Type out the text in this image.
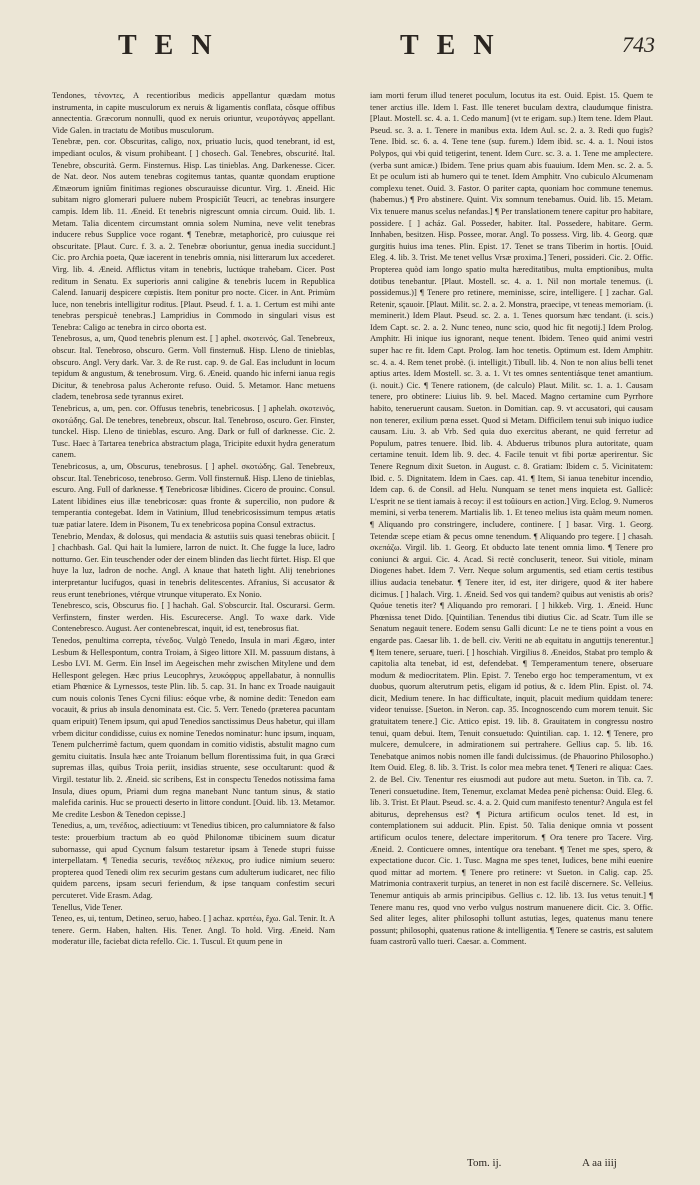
TEN	TEN	743

Tendones, τένοντες, A recentioribus medicis appellantur quædam motus instrumenta, in capite musculorum ex neruis & ligamentis conflata, cõsque offibus annectentia. Græcorum nonnulli, quod ex neruis oriuntur, νευροτάγνας appellant. Vide Galen. in tractatu de Motibus musculorum.

Tenebræ, pen. cor. Obscuritas, caligo, nox, priuatio lucis, quod tenebrant, id est, impediant oculos, & visum prohibeant. [ ] chosech. Gal. Tenebres, obscurité. Ital. Tenebre, obscurità. Germ. Finsternus. Hisp. Las tinieblas. Ang. Darkenesse. Cicer. de Nat. deor. Nos autem tenebras cogitemus tantas, quantæ quondam eruptione Ætnæorum igniũm finitimas regiones obscurauisse dicuntur. Virg. 1. Æneid. Hic subitam nigro glomerari puluere nubem Prospiciũt Teucri, ac tenebras insurgere campis. Idem lib. 11. Æneid. Et tenebris nigrescunt omnia circum. Ouid. lib. 1. Metam. Talia dicentem circumstant omnia solem Numina, neve velit tenebras inducere rebus Supplice voce rogant. ¶ Tenebræ, metaphoricè, pro cuiusque rei obscuritate. [Plaut. Curc. f. 3. a. 2. Tenebræ oboriuntur, genua inedia succidunt.] Cic. pro Archia poeta, Quæ iacerent in tenebris omnia, nisi litterarum lux accederet. Virg. lib. 4. Æneid. Afflictus vitam in tenebris, luctúque trahebam. Cicer. Post reditum in Senatu. Ex superioris anni caligine & tenebris lucem in Republica Calend. Ianuarij despicere cœpistis. Item ponitur pro nocte. Cicer. in Ant. Primùm luce, non tenebris intelligitur roditus. [Plaut. Pseud. f. 1. a. 1. Certum est mihi ante tenebras perspicuè tenebras.] Lampridius in Commodo in singulari visus est Tenebra: Caligo ac tenebra in circo oborta est.

Tenebrosus, a, um, Quod tenebris plenum est. [ ] aphel. σκοτεινός. Gal. Tenebreux, obscur. Ital. Tenebroso, obscuro. Germ. Voll finsternuß. Hisp. Lleno de tinieblas, obscuro. Angl. Very dark. Var. 3. de Re rust. cap. 9. de Gal. Eas includunt in locum tepidum & angustum, & tenebrosum. Virg. 6. Æneid. quando hic inferni ianua regis Dicitur, & tenebrosa palus Acheronte refuso. Ouid. 5. Metamor. Hanc metuens cladem, tenebrosa sede tyrannus exiret.

Tenebricus, a, um, pen. cor. Offusus tenebris, tenebricosus. [ ] aphelah. σκοτεινός, σκοτώδης. Gal. De tenebres, tenebreux, obscur. Ital. Tenebroso, oscuro. Ger. Finster, tunckel. Hisp. Lleno de tinieblas, escuro. Ang. Dark or full of darknesse. Cic. 2. Tusc. Haec à Tartarea tenebrica abstractum plaga, Tricipite eduxit hydra generatum canem.

Tenebricosus, a, um, Obscurus, tenebrosus. [ ] aphel. σκοτώδης. Gal. Tenebreux, obscur. Ital. Tenebricoso, tenebroso. Germ. Voll finsternuß. Hisp. Lleno de tinieblas, escuro. Ang. Full of darknesse. ¶ Tenebricosæ libidines. Cicero de prouinc. Consul. Latent libidines eius illæ tenebricosæ: quas fronte & supercilio, non pudore & temperantia contegebat. Idem in Vatinium, Illud tenebricosissimum tempus ætatis tuæ patiar latere. Idem in Pisonem, Tu ex tenebricosa popina Consul extractus.

Tenebrio, Mendax, & dolosus, qui mendacia & astutiis suis quasi tenebras obiicit. [ ] chachbash. Gal. Qui hait la lumiere, larron de nuict. It. Che fugge la luce, ladro notturno. Ger. Ein teuschender oder der einem blinden das liecht fürtet. Hisp. El que huye la luz, ladron de noche. Angl. A knaue that hateth light. Alij tenebriones interpretantur lucifugos, quasi in tenebris delitescentes. Afranius, Si accusator & reus erunt tenebriones, vtérque vtrunque vituperato. Ex Nonio.

Tenebresco, scis, Obscurus fio. [ ] hachah. Gal. S'obscurcir. Ital. Oscurarsi. Germ. Verfinstern, finster werden. His. Escurecerse. Angl. To waxe dark. Vide Contenebresco. August. Aer contenebrescat, inquit, id est, tenebrosus fiat.

Tenedos, penultima correpta, τένεδος. Vulgò Tenedo, Insula in mari Ægæo, inter Lesbum & Hellespontum, contra Troiam, à Sigeo littore XII. M. passuum distans, à Lesbo LVI. M. Germ. Ein Insel im Aegeischen mehr zwischen Mitylene und dem Hellespont gelegen. Hæc prius Leucophrys, λευκόφρυς appellabatur, à nonnullis etiam Phœnice & Lyrnessos, teste Plin. lib. 5. cap. 31. In hanc ex Troade nauigauit cum nouis colonis Tenes Cycni filius: eóque vrbe, & nomine dedit: Tenedon eam vocauit, & prius ab insula denominata est. Cic. 5. Verr. Tenedo (præterea pacuntam quam eripuit) Tenem ipsum, qui apud Tenedios sanctissimus Deus habetur, qui illam vrbem dicitur condidisse, cuius ex nomine Tenedos nominatur: hunc ipsum, inquam, Tenem pulcherrimè factum, quem quondam in comitio vidistis, abstulit magno cum gemitu ciuitatis. Insula hæc ante Troianum bellum florentissima fuit, in qua Græci supremas illas, quibus Troia periit, insidias struente, sese occultarunt: quod & Virgil. testatur lib. 2. Æneid. sic scribens, Est in conspectu Tenedos notissima fama Insula, diues opum, Priami dum regna manebant Nunc tantum sinus, & statio malefida carinis. Huc se prouecti deserto in littore condunt. [Ouid. lib. 13. Metamor. Me credite Lesbon & Tenedon cepisse.]

Tenedius, a, um, τενέδιος, adiectiuum: vt Tenedius tibicen, pro calumniatore & falso teste: prouerbium tractum ab eo quòd Philonomæ tibicinem suum dicatur subornasse, qui apud Cycnum falsum testaretur ipsam à Tenede stupri fuisse interpellatam. ¶ Tenedia securis, τενέδιος πέλεκυς, pro iudice nimium seuero: propterea quod Tenedi olim rex securim gestans cum adulterum iudicaret, nec filio quidem parcens, ipsam securi feriendum, & ipse tanquam confestim securi percuteret. Vide Erasm. Adag.

Tenellus, Vide Tener.

Teneo, es, ui, tentum, Detineo, seruo, habeo. [ ] achaz. κρατέω, ἔχω. Gal. Tenir. It. A tenere. Germ. Haben, halten. His. Tener. Angl. To hold. Virg. Æneid. Nam moderatur ille, faciebat dicta refello. Cic. 1. Tuscul. Et quum pene in

iam morti ferum illud teneret poculum, locutus ita est. Ouid. Epist. 15. Quem te tener arctius ille. Idem l. Fast. Ille teneret buculam dextra, claudumque finistra. [Plaut. Mostell. sc. 4. a. 1. Cedo manum] (vt te erigam. sup.) Item tene. Idem Plaut. Pseud. sc. 3. a. 1. Tenere in manibus exta. Idem Aul. sc. 2. a. 3. Redi quo fugis? Tene. Ibid. sc. 6. a. 4. Tene tene (sup. furem.) Idem ibid. sc. 4. a. 1. Noui istos Polypos, qui vbi quid tetigerint, tenent. Idem Curc. sc. 3. a. 1. Tene me amplectere. (verba sunt amicæ.) Ibidem. Tene prius quam abis fuauium. Idem Men. sc. 2. a. 5. Et pe oculum isti ab humero qui te tenet. Idem Amphitr. Vno cubiculo Alcumenam complexu tenet. Ouid. 3. Fastor. O pariter capta, quoniam hoc commune tenemus. (habemus.) ¶ Pro abstinere. Quint. Vix somnum tenebamus. Ouid. lib. 15. Metam. Vix tenuere manus scelus nefandas.] ¶ Per translationem tenere capitur pro habitare, possidere. [ ] acház. Gal. Posseder, habiter. Ital. Possedere, habitare. Germ. Innhaben, besitzen. Hisp. Possee, morar. Angl. To possess. Virg. lib. 4. Georg. quæ gurgitis huius ima tenes. Plin. Epist. 17. Tenet se trans Tiberim in hortis. [Ouid. Eleg. 4. lib. 3. Trist. Me tenet vellus Vrsæ proxima.] Teneri, possideri. Cic. 2. Offic. Propterea quòd iam longo spatio multa hæreditatibus, multa emptionibus, multa dotibus tenebantur. [Plaut. Mostell. sc. 4. a. 1. Nil non mortale tenemus. (i. possidemus.)] ¶ Tenere pro retinere, meminisse, scire, intelligere. [ ] zachar. Gal. Retenir, sçauoir. [Plaut. Milit. sc. 2. a. 2. Monstra, praecipe, vt teneas memoriam. (i. meminerit.) Idem Plaut. Pseud. sc. 2. a. 1. Tenes quorsum hæc tendant. (i. scis.) Idem Capt. sc. 2. a. 2. Nunc teneo, nunc scio, quod hic fit negotij.] Idem Prolog. Amphitr. Hi inique ius ignorant, neque tenent. Ibidem. Teneo quid animi vestri super hac re fit. Idem Capt. Prolog. Iam hoc tenetis. Optimum est. Idem Amphitr. sc. 4. a. 4. Rem tenet probè. (i. intelligit.) Tibull. lib. 4. Non te non alius belli tenet aptius artes. Idem Mostell. sc. 3. a. 1. Vt tes omnes sententiásque tenet amantium. (i. nouit.) Cic. ¶ Tenere rationem, (de calculo) Plaut. Milit. sc. 1. a. 1. Causam tenere, pro obtinere: Liuius lib. 9. bel. Maced. Magno certamine cum Pyrrhore habito, teneruerunt causam. Sueton. in Domitian. cap. 9. vt accusatori, qui causam non tenerer, exilium pœna esset. Quod si Metam. Difficilem tenui sub iniquo iudice causam. Liu. 3. ab Vrb. Sed quia duo exercitus aberant, ne quid ferretur ad Populum, patres tenuere. Ibid. lib. 4. Abduerus tribunos plura autoritate, quam certamine tenuit. Idem lib. 9. dec. 4. Facile tenuit vt fibi portæ aperirentur. Sic Tenere Regnum dixit Sueton. in August. c. 8. Gratiam: Ibidem c. 5. Vicinitatem: Ibid. c. 5. Dignitatem. Idem in Caes. cap. 41. ¶ Item, Si ianua tenebitur incendio, Idem cap. 6. de Consil. ad Helu. Nunquam se tenet mens inquieta est. Gallicè: L'esprit ne se tient iamais à recoy: il est toûiours en action.] Virg. Eclog. 9. Numeros memini, si verba tenerem. Martialis lib. 1. Et teneo melius ista quàm meum nomen. ¶ Aliquando pro constringere, includere, continere. [ ] basar. Virg. 1. Georg. Tetendæ scepe etiam & pecus omne tenendum. ¶ Aliquando pro tegere. [ ] chasah. σκεπάζω. Virgil. lib. 1. Georg. Et obducto late tenent omnia limo. ¶ Tenere pro coniunci & argui. Cic. 4. Acad. Si rectè concluserit, teneor. Sui vitiole, minam Diogenes habet. Idem 7. Verr. Neque solum argumentis, sed etiam certis testibus illius audacia tenebatur. ¶ Tenere iter, id est, iter dirigere, quod & iter habere dicimus. [ ] halach. Virg. 1. Æneid. Sed vos qui tandem? quibus aut venistis ab oris? Quóue tenetis iter? ¶ Aliquando pro remorari. [ ] hikkeb. Virg. 1. Æneid. Hunc Phœnissa tenet Dido. [Quintilian. Tenendus tibi diutius Cic. ad Scatr. Tum ille se Senatum negauit tenere. Eodem sensu Galli dicunt: Le ne te tiens point a vous en engarde pas. Caesar lib. 1. de bell. civ. Veriti ne ab equitatu in anguttijs tenerentur.] ¶ Item tenere, seruare, tueri. [ ] hoschiah. Virgilius 8. Æneidos, Stabat pro templo & capitolia alta tenebat, id est, defendebat. ¶ Temperamentum tenere, obseruare modum & mediocritatem. Plin. Epist. 7. Tenebo ergo hoc temperamentum, vt ex duobus, quorum alterutrum petis, eligam id potius, & c. Idem Plin. Epist. ol. 74. dicit, Medium tenere. In hac difficultate, inquit, placuit medium quiddam tenere: videor tenuisse. [Sueton. in Neron. cap. 35. Incognoscendo cum morem tenuit. Sic gratuitatem tenere.] Cic. Attico epist. 19. lib. 8. Grauitatem in congressu nostro tenui, quam debui. Item, Tenuit consuetudo: Quintilian. cap. 1. 12. ¶ Tenere, pro mulcere, demulcere, in admirationem sui pertrahere. Gellius cap. 5. lib. 16. Tenebatque animos nobis nomen ille fandi dulcissimus. (de Phauorino Philosopho.) Item Ouid. Eleg. 8. lib. 3. Trist. Is color mea mebra tenet. ¶ Teneri re aliqua: Caes. 2. de Bel. Civ. Tenentur res eiusmodi aut pudore aut metu. Sueton. in Tib. ca. 7. Teneri consuetudine. Item, Tenemur, exclamat Medea penè pichensa: Ouid. Eleg. 6. lib. 3. Trist. Et Plaut. Pseud. sc. 4. a. 2. Quid cum manifesto tenentur? Angula est fel abiturus, deprehensus est? ¶ Pictura artificum oculos tenet. Id est, in contemplationem sui adducit. Plin. Epist. 50. Talia denique omnia vt possent artificum oculos tenere, delectare imperitorum. ¶ Ora tenere pro Tacere. Virg. Æneid. 2. Conticuere omnes, intentíque ora tenebant. ¶ Tenet me spes, spero, & expectatione ducor. Cic. 1. Tusc. Magna me spes tenet, Iudices, bene mihi euenire quod mittar ad mortem. ¶ Tenere pro retinere: vt Sueton. in Calig. cap. 25. Matrimonia contraxerit turpius, an teneret in non est facilè discernere. Sc. Velleius. Tenemur antiquis ab armis principibus. Gellius c. 12. lib. 13. Ius vetus tenuit.] ¶ Tenere manu res, quod vno verbo vulgus nostrum manuenere dicit. Cic. 3. Offic. Sed aliter leges, aliter philosophi tollunt astutias, leges, quatenus manu tenere possunt; philosophi, quatenus ratione & intelligentia. ¶ Tenere se castris, est salutem fuam castrorũ vallo tueri. Caesar. a. Comment.

Tom. ij.	A aa iiij
